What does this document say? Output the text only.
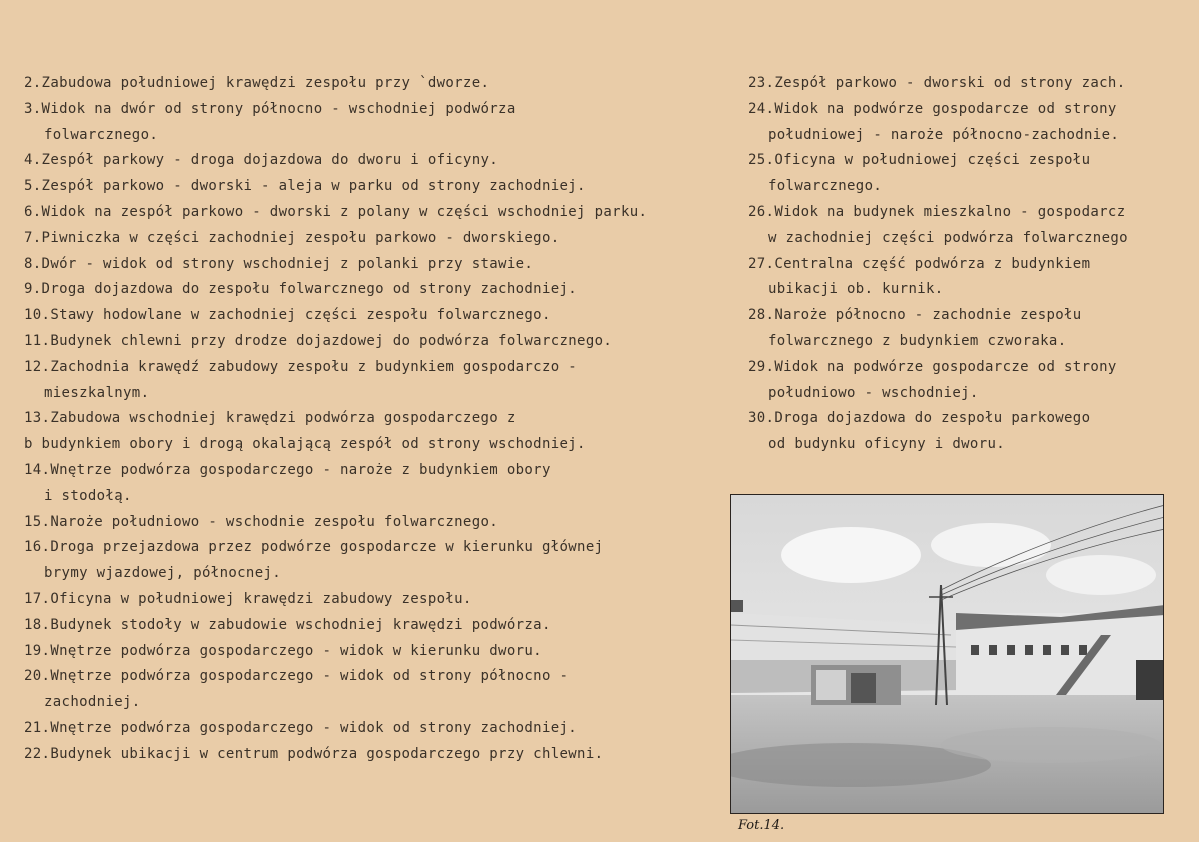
2.Zabudowa południowej krawędzi zespołu przy `dworze.
3.Widok na dwór od strony północno - wschodniej podwórza
folwarcznego.
4.Zespół parkowy - droga dojazdowa do dworu i oficyny.
5.Zespół parkowo - dworski - aleja w parku od strony zachodniej.
6.Widok na zespół parkowo - dworski z polany w części wschodniej parku.
7.Piwniczka w części zachodniej zespołu parkowo - dworskiego.
8.Dwór - widok od strony wschodniej z polanki przy stawie.
9.Droga dojazdowa do zespołu folwarcznego od strony zachodniej.
10.Stawy hodowlane w zachodniej części zespołu folwarcznego.
11.Budynek chlewni przy drodze dojazdowej do podwórza folwarcznego.
12.Zachodnia krawędź zabudowy zespołu z budynkiem gospodarczo -
mieszkalnym.
13.Zabudowa wschodniej krawędzi podwórza gospodarczego z
b budynkiem obory i drogą okalającą zespół od strony wschodniej.
14.Wnętrze podwórza gospodarczego - naroże z budynkiem obory
i stodołą.
15.Naroże południowo - wschodnie zespołu folwarcznego.
16.Droga przejazdowa przez podwórze gospodarcze w kierunku głównej
brymy wjazdowej, północnej.
17.Oficyna w południowej krawędzi zabudowy zespołu.
18.Budynek stodoły w zabudowie wschodniej krawędzi podwórza.
19.Wnętrze podwórza gospodarczego - widok w kierunku dworu.
20.Wnętrze podwórza gospodarczego - widok od strony północno -
zachodniej.
21.Wnętrze podwórza gospodarczego - widok od strony zachodniej.
22.Budynek ubikacji w centrum podwórza gospodarczego przy chlewni.
23.Zespół parkowo - dworski od strony zach.
24.Widok na podwórze gospodarcze od strony
południowej - naroże północno-zachodnie.
25.Oficyna w południowej części zespołu
folwarcznego.
26.Widok na budynek mieszkalno - gospodarcz
w zachodniej części podwórza folwarcznego
27.Centralna część podwórza z budynkiem
ubikacji ob. kurnik.
28.Naroże północno - zachodnie zespołu
folwarcznego z budynkiem czworaka.
29.Widok na podwórze gospodarcze od strony
południowo - wschodniej.
30.Droga dojazdowa do zespołu parkowego
od budynku oficyny i dworu.
Fot.14.
